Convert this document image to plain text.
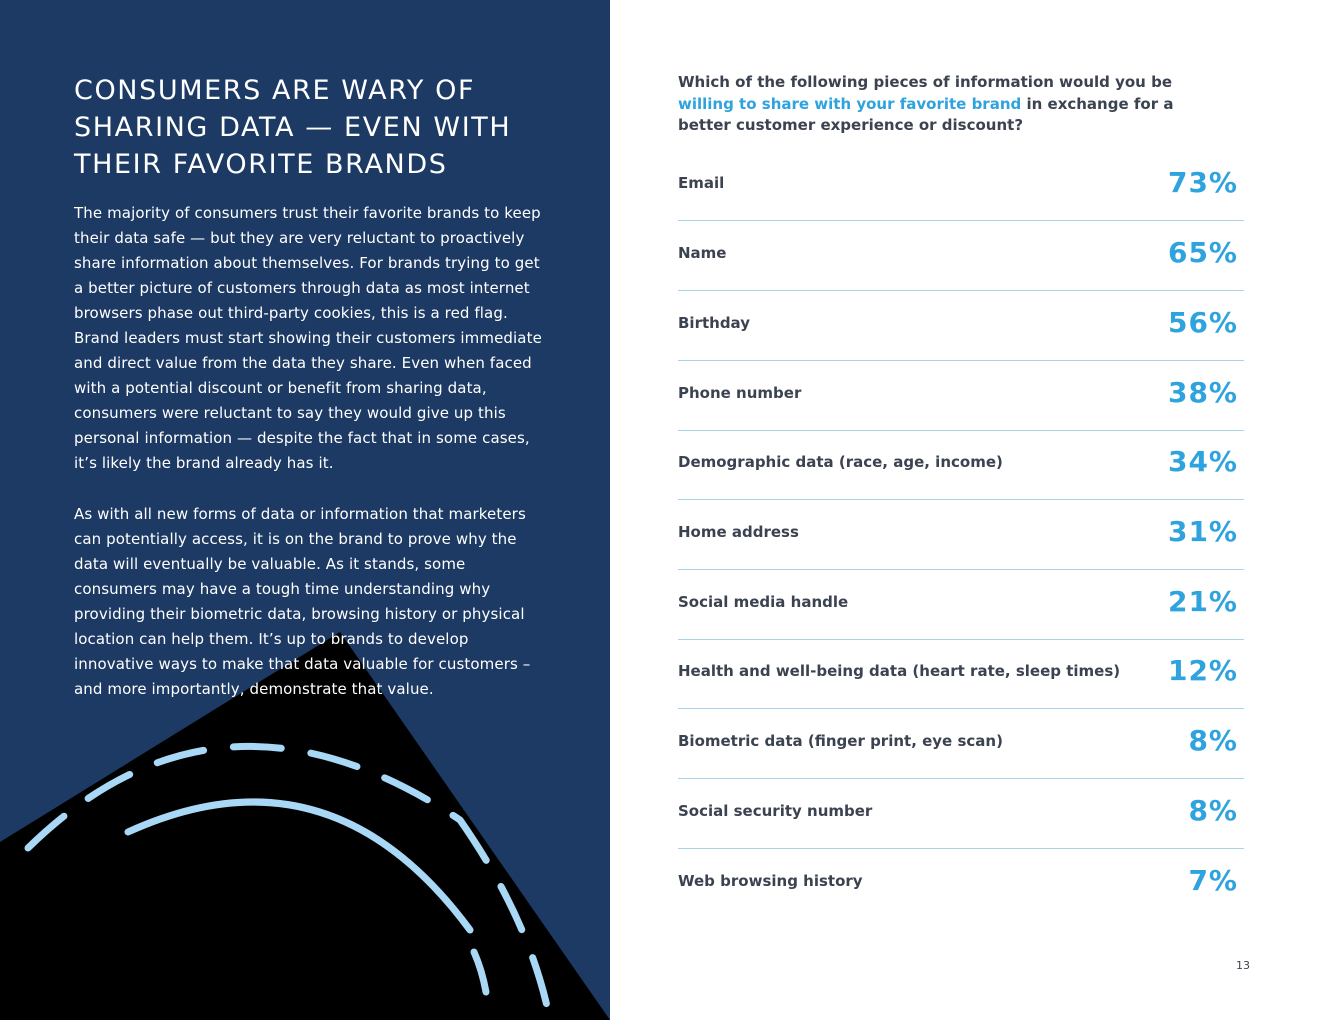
CONSUMERS ARE WARY OF SHARING DATA — EVEN WITH THEIR FAVORITE BRANDS

The majority of consumers trust their favorite brands to keep their data safe — but they are very reluctant to proactively share information about themselves. For brands trying to get a better picture of customers through data as most internet browsers phase out third-party cookies, this is a red flag. Brand leaders must start showing their customers immediate and direct value from the data they share. Even when faced with a potential discount or benefit from sharing data, consumers were reluctant to say they would give up this personal information — despite the fact that in some cases, it’s likely the brand already has it.

As with all new forms of data or information that marketers can potentially access, it is on the brand to prove why the data will eventually be valuable. As it stands, some consumers may have a tough time understanding why providing their biometric data, browsing history or physical location can help them. It’s up to brands to develop innovative ways to make that data valuable for customers – and more importantly, demonstrate that value.

Which of the following pieces of information would you be willing to share with your favorite brand in exchange for a better customer experience or discount?

Email	73%
Name	65%
Birthday	56%
Phone number	38%
Demographic data (race, age, income)	34%
Home address	31%
Social media handle	21%
Health and well-being data (heart rate, sleep times) 12%
Biometric data (finger print, eye scan)	8%
Social security number	8%
Web browsing history	7%
13
